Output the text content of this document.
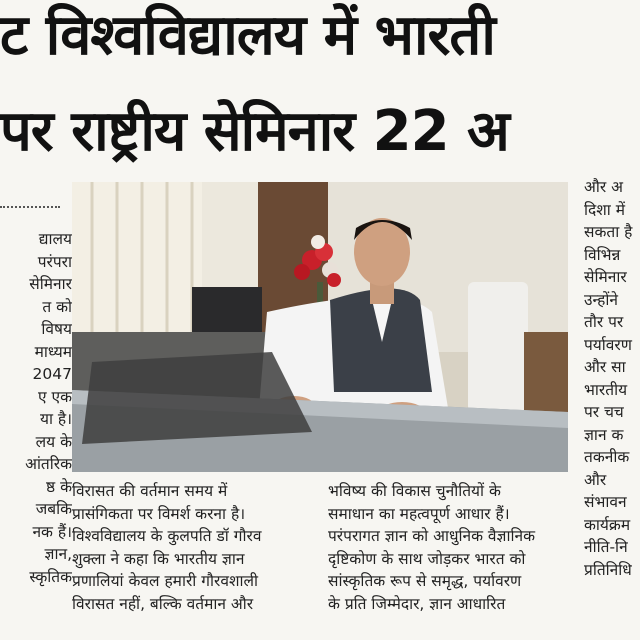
ट विश्वविद्यालय में भारती
पर राष्ट्रीय सेमिनार 22 अ
द्यालय
परंपरा
सेमिनार
त को
विषय
माध्यम
2047
ए एक
या है।
लय के
आंतरिक
ष्ठ के
जबकि
नक हैं।
ज्ञान,
स्कृतिक
विरासत की वर्तमान समय में
प्रासंगिकता पर विमर्श करना है।
विश्वविद्यालय के कुलपति डॉ गौरव
शुक्ला ने कहा कि भारतीय ज्ञान
प्रणालियां केवल हमारी गौरवशाली
विरासत नहीं, बल्कि वर्तमान और
भविष्य की विकास चुनौतियों के
समाधान का महत्वपूर्ण आधार हैं।
परंपरागत ज्ञान को आधुनिक वैज्ञानिक
दृष्टिकोण के साथ जोड़कर भारत को
सांस्कृतिक रूप से समृद्ध, पर्यावरण
के प्रति जिम्मेदार, ज्ञान आधारित
और अ
दिशा में
सकता है
विभिन्न
सेमिनार
उन्होंने
तौर पर
पर्यावरण
और सा
भारतीय
पर चच
ज्ञान क
तकनीक
और
संभावन
कार्यक्रम
नीति-नि
प्रतिनिधि
